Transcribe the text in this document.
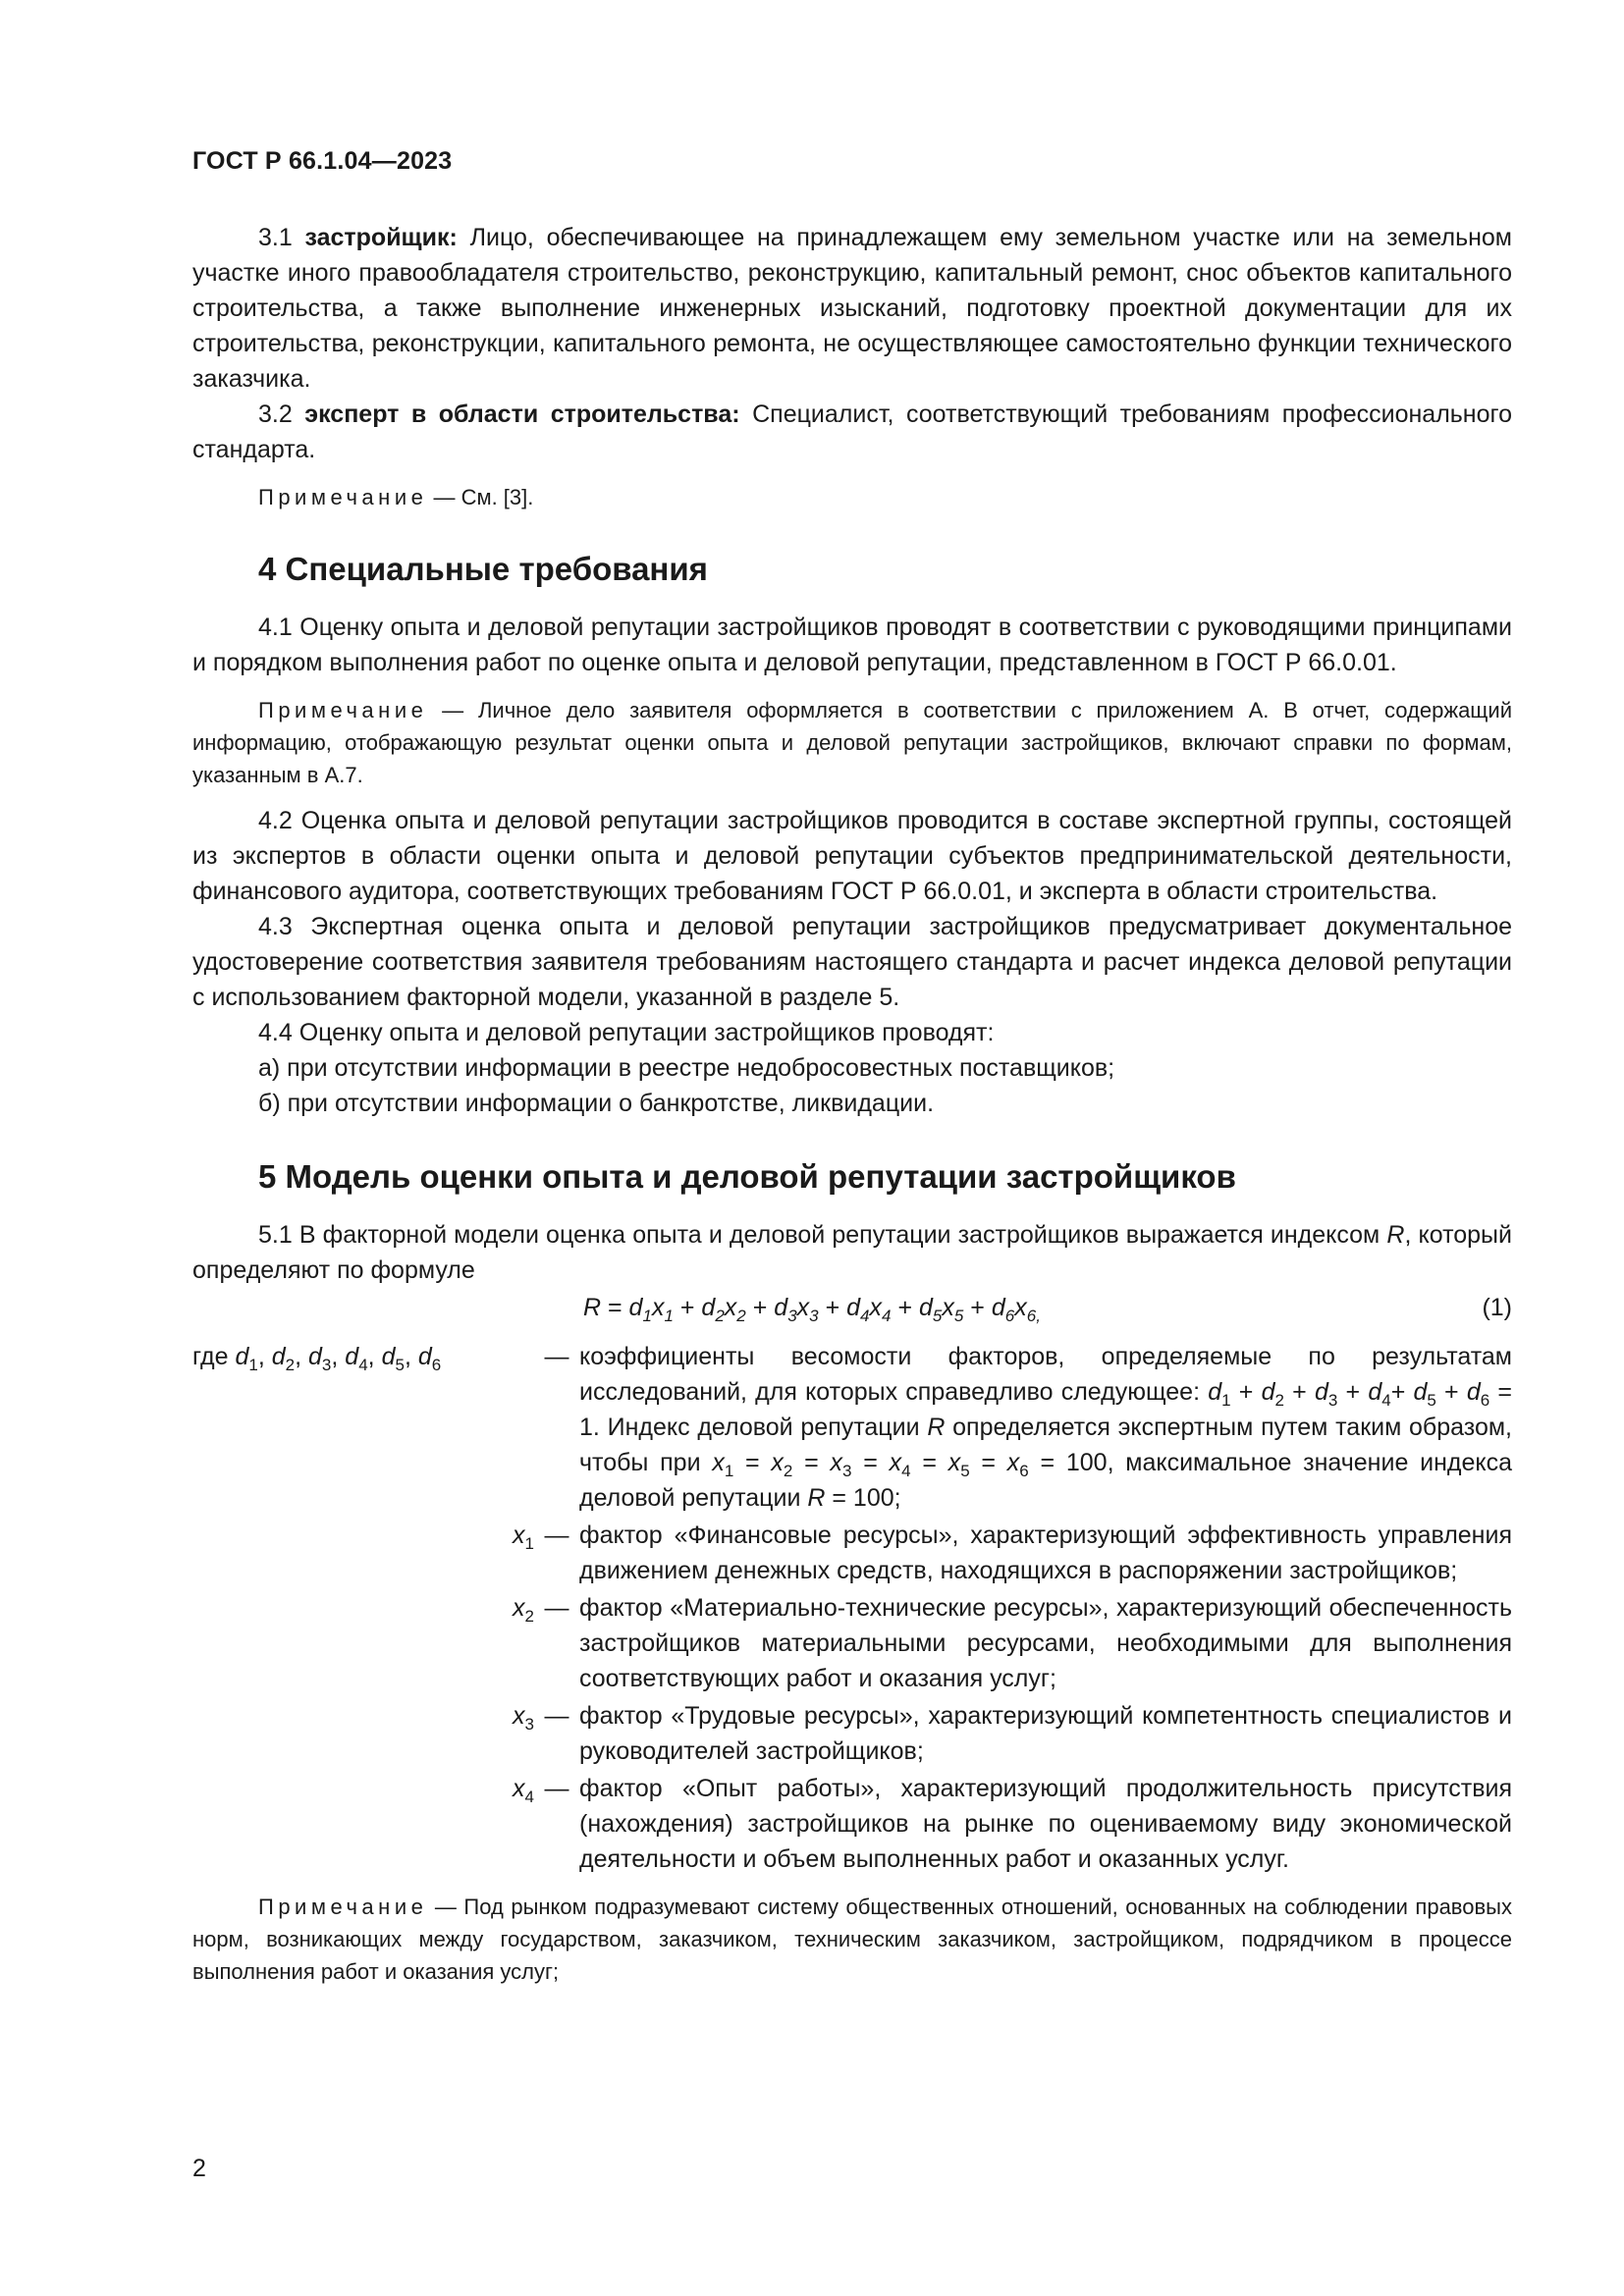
ГОСТ Р 66.1.04—2023

3.1 застройщик: Лицо, обеспечивающее на принадлежащем ему земельном участке или на земельном участке иного правообладателя строительство, реконструкцию, капитальный ремонт, снос объектов капитального строительства, а также выполнение инженерных изысканий, подготовку проектной документации для их строительства, реконструкции, капитального ремонта, не осуществляющее самостоятельно функции технического заказчика.

3.2 эксперт в области строительства: Специалист, соответствующий требованиям профессионального стандарта.

Примечание — См. [3].

4 Специальные требования

4.1 Оценку опыта и деловой репутации застройщиков проводят в соответствии с руководящими принципами и порядком выполнения работ по оценке опыта и деловой репутации, представленном в ГОСТ Р 66.0.01.

Примечание — Личное дело заявителя оформляется в соответствии с приложением А. В отчет, содержащий информацию, отображающую результат оценки опыта и деловой репутации застройщиков, включают справки по формам, указанным в А.7.

4.2 Оценка опыта и деловой репутации застройщиков проводится в составе экспертной группы, состоящей из экспертов в области оценки опыта и деловой репутации субъектов предпринимательской деятельности, финансового аудитора, соответствующих требованиям ГОСТ Р 66.0.01, и эксперта в области строительства.

4.3 Экспертная оценка опыта и деловой репутации застройщиков предусматривает документальное удостоверение соответствия заявителя требованиям настоящего стандарта и расчет индекса деловой репутации с использованием факторной модели, указанной в разделе 5.

4.4 Оценку опыта и деловой репутации застройщиков проводят:

а) при отсутствии информации в реестре недобросовестных поставщиков;

б) при отсутствии информации о банкротстве, ликвидации.

5 Модель оценки опыта и деловой репутации застройщиков

5.1 В факторной модели оценка опыта и деловой репутации застройщиков выражается индексом R, который определяют по формуле

$R = d_1x_1 + d_2x_2 + d_3x_3 + d_4x_4 + d_5x_5 + d_6x_{6,}$	(1)
где $d_1$, $d_2$, $d_3$, $d_4$, $d_5$, $d_6$	— коэффициенты весомости факторов, определяемые по результатам исследований, для которых справедливо следующее: $d_1 + d_2 + d_3 + d_4+ d_5 + d_6 = 1$. Индекс деловой репутации R определяется экспертным путем таким образом, чтобы при $x_1 = x_2 = x_3 = x_4 = x_5 = x_6 = 100$, максимальное значение индекса деловой репутации R = 100;
$x_1$ — фактор «Финансовые ресурсы», характеризующий эффективность управления движением денежных средств, находящихся в распоряжении застройщиков;
$x_2$ — фактор «Материально-технические ресурсы», характеризующий обеспеченность застройщиков материальными ресурсами, необходимыми для выполнения соответствующих работ и оказания услуг;
$x_3$ — фактор «Трудовые ресурсы», характеризующий компетентность специалистов и руководителей застройщиков;
$x_4$ — фактор «Опыт работы», характеризующий продолжительность присутствия (нахождения) застройщиков на рынке по оцениваемому виду экономической деятельности и объем выполненных работ и оказанных услуг.

Примечание — Под рынком подразумевают систему общественных отношений, основанных на соблюдении правовых норм, возникающих между государством, заказчиком, техническим заказчиком, застройщиком, подрядчиком в процессе выполнения работ и оказания услуг;

2
